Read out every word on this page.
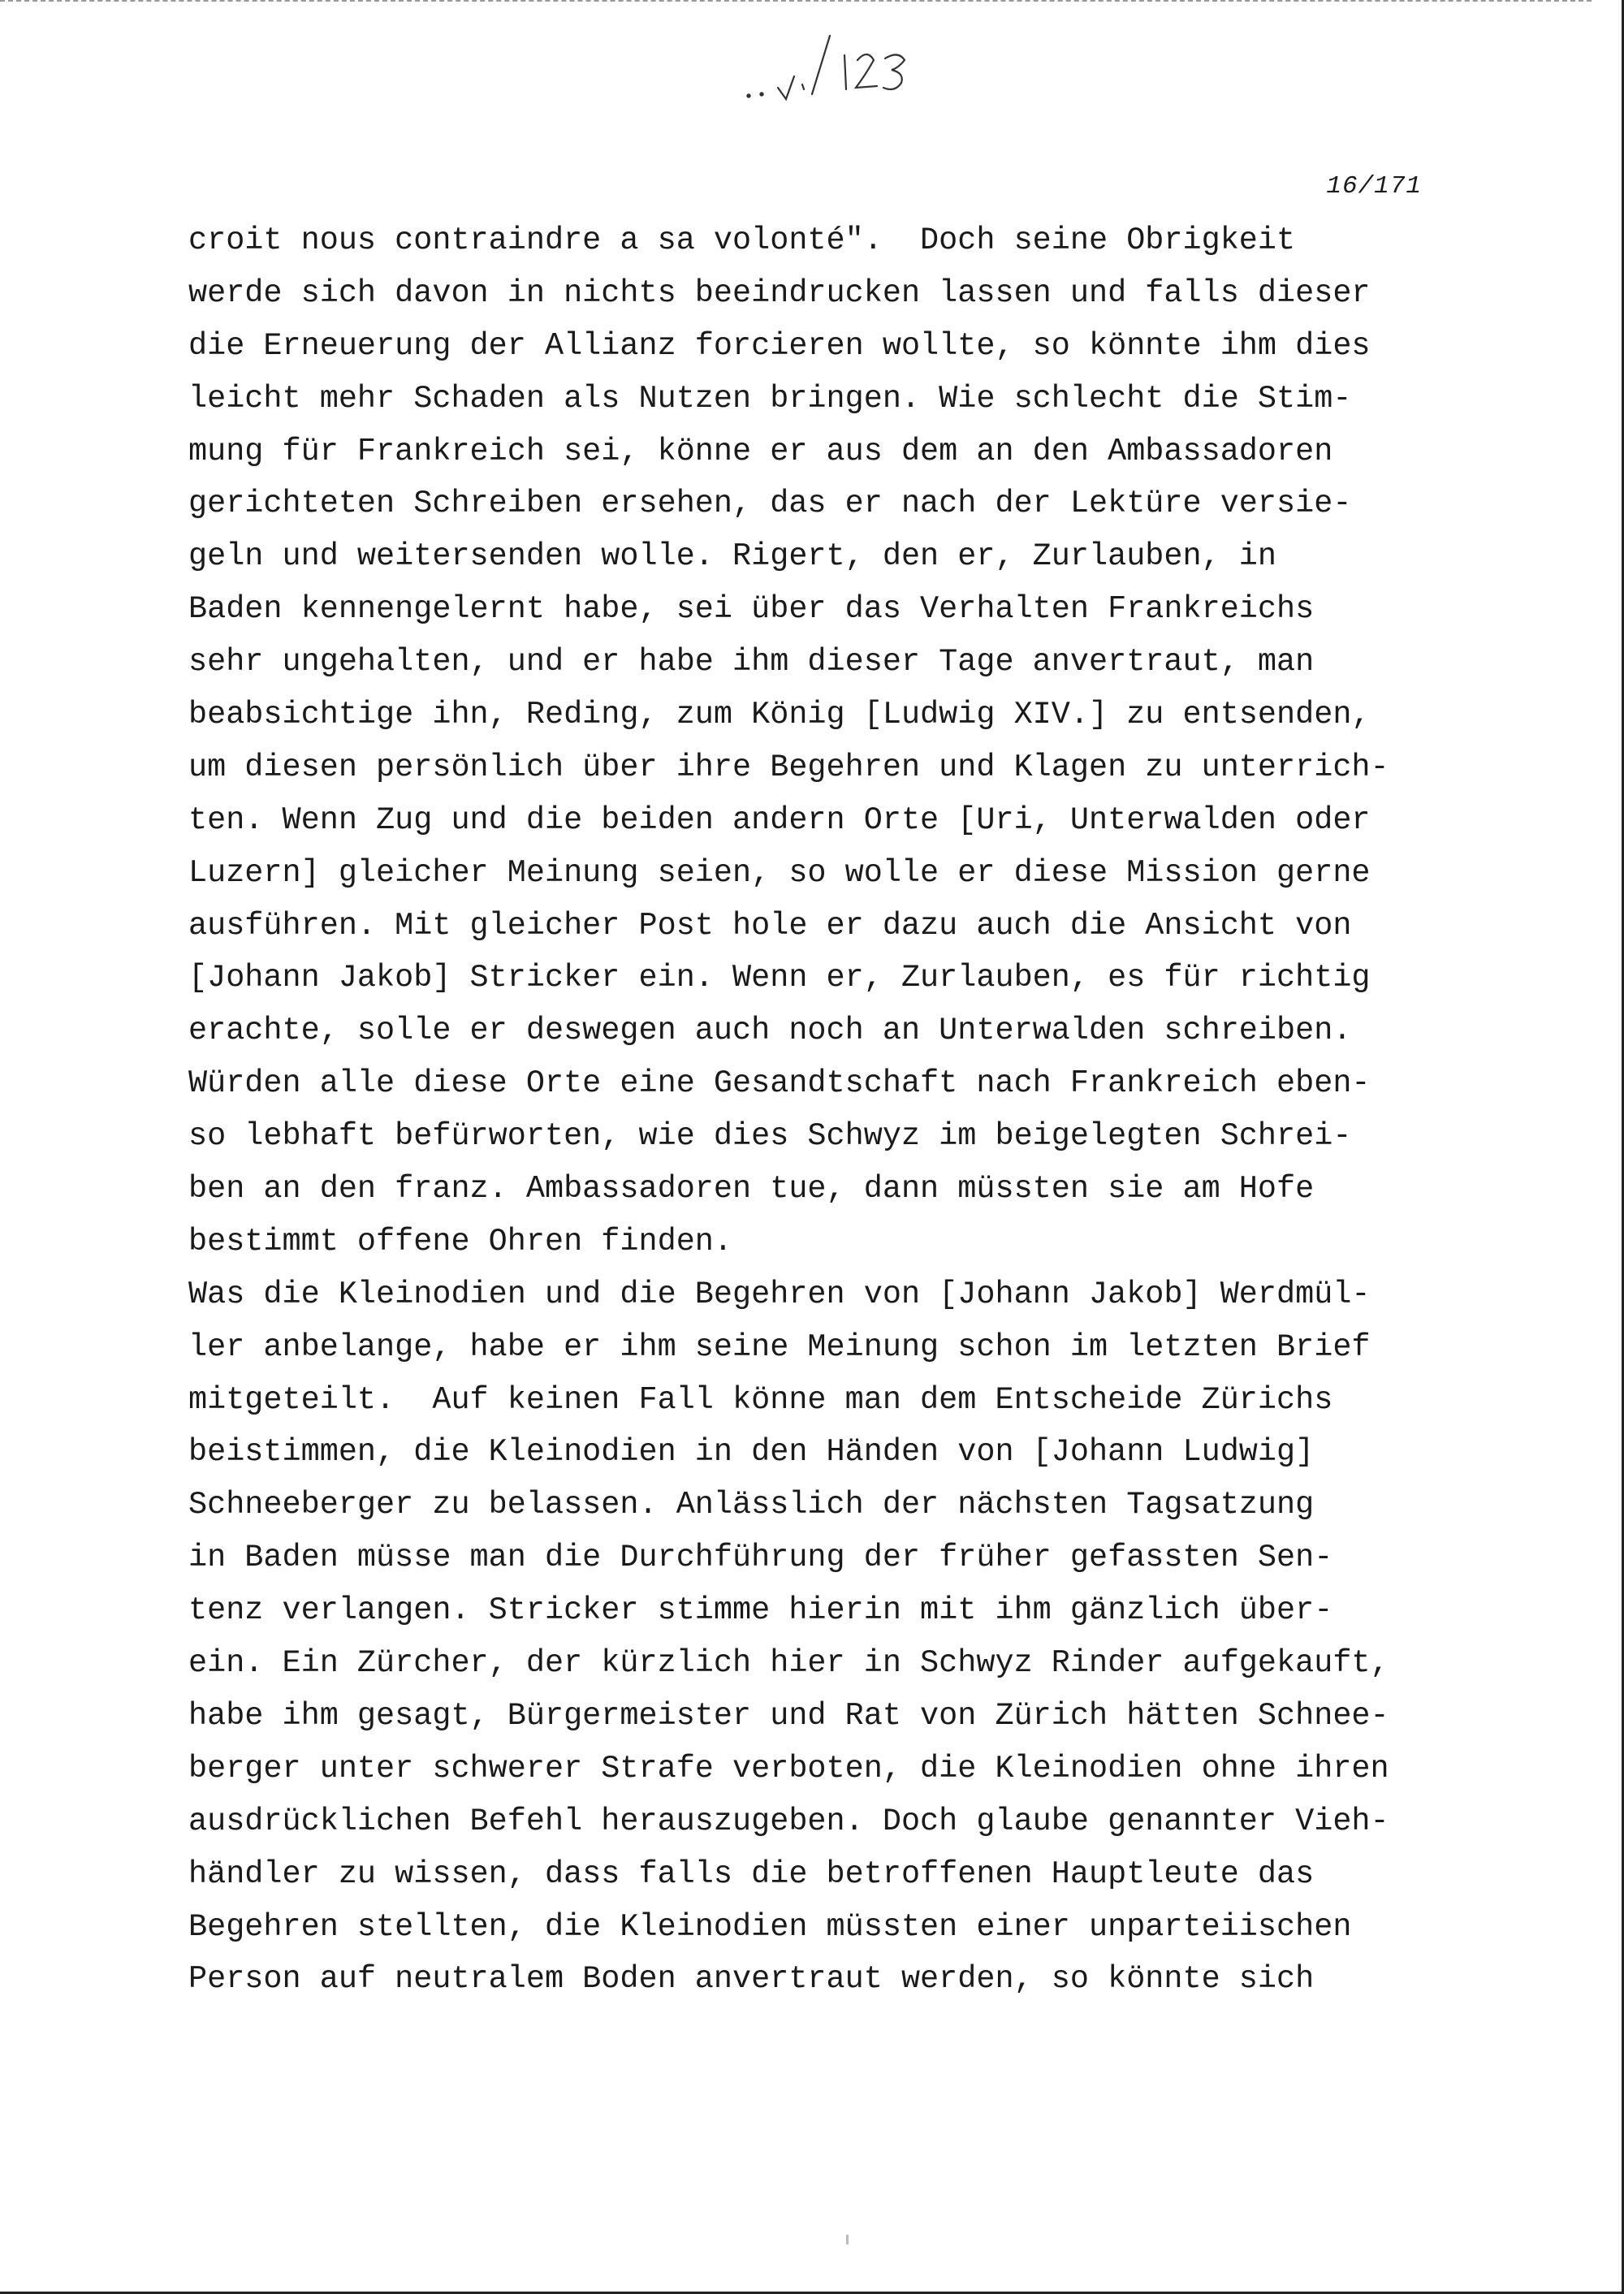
16/171
croit nous contraindre a sa volonté".  Doch seine Obrigkeit
werde sich davon in nichts beeindrucken lassen und falls dieser
die Erneuerung der Allianz forcieren wollte, so könnte ihm dies
leicht mehr Schaden als Nutzen bringen. Wie schlecht die Stim-
mung für Frankreich sei, könne er aus dem an den Ambassadoren
gerichteten Schreiben ersehen, das er nach der Lektüre versie-
geln und weitersenden wolle. Rigert, den er, Zurlauben, in
Baden kennengelernt habe, sei über das Verhalten Frankreichs
sehr ungehalten, und er habe ihm dieser Tage anvertraut, man
beabsichtige ihn, Reding, zum König [Ludwig XIV.] zu entsenden,
um diesen persönlich über ihre Begehren und Klagen zu unterrich-
ten. Wenn Zug und die beiden andern Orte [Uri, Unterwalden oder
Luzern] gleicher Meinung seien, so wolle er diese Mission gerne
ausführen. Mit gleicher Post hole er dazu auch die Ansicht von
[Johann Jakob] Stricker ein. Wenn er, Zurlauben, es für richtig
erachte, solle er deswegen auch noch an Unterwalden schreiben.
Würden alle diese Orte eine Gesandtschaft nach Frankreich eben-
so lebhaft befürworten, wie dies Schwyz im beigelegten Schrei-
ben an den franz. Ambassadoren tue, dann müssten sie am Hofe
bestimmt offene Ohren finden.
Was die Kleinodien und die Begehren von [Johann Jakob] Werdmül-
ler anbelange, habe er ihm seine Meinung schon im letzten Brief
mitgeteilt.  Auf keinen Fall könne man dem Entscheide Zürichs
beistimmen, die Kleinodien in den Händen von [Johann Ludwig]
Schneeberger zu belassen. Anlässlich der nächsten Tagsatzung
in Baden müsse man die Durchführung der früher gefassten Sen-
tenz verlangen. Stricker stimme hierin mit ihm gänzlich über-
ein. Ein Zürcher, der kürzlich hier in Schwyz Rinder aufgekauft,
habe ihm gesagt, Bürgermeister und Rat von Zürich hätten Schnee-
berger unter schwerer Strafe verboten, die Kleinodien ohne ihren
ausdrücklichen Befehl herauszugeben. Doch glaube genannter Vieh-
händler zu wissen, dass falls die betroffenen Hauptleute das
Begehren stellten, die Kleinodien müssten einer unparteiischen
Person auf neutralem Boden anvertraut werden, so könnte sich
